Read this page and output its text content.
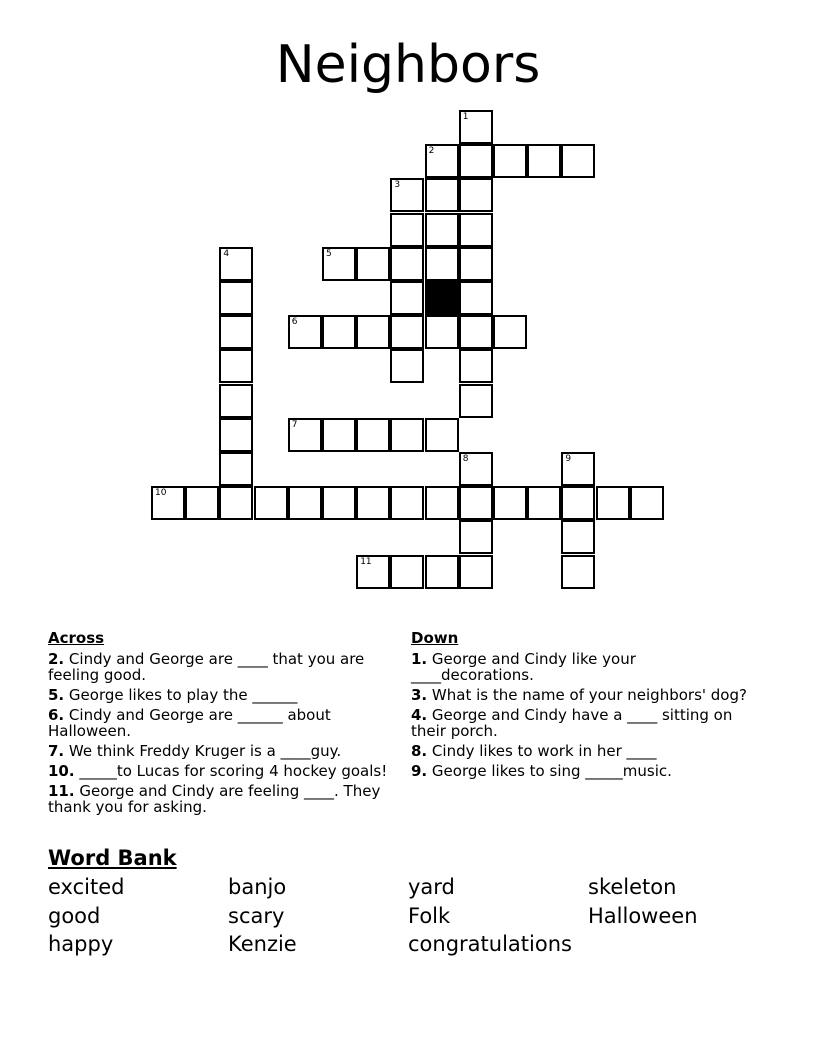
Neighbors
2
5
6
7
10
11
1
3
4
8	9
Across
2. Cindy and George are ____ that you are feeling good.
5. George likes to play the ______
6. Cindy and George are ______ about Halloween.
7. We think Freddy Kruger is a ____guy.
10. _____to Lucas for scoring 4 hockey goals!
11. George and Cindy are feeling ____. They thank you for asking.
Down
1. George and Cindy like your ____decorations.
3. What is the name of your neighbors' dog?
4. George and Cindy have a ____ sitting on their porch.
8. Cindy likes to work in her ____
9. George likes to sing _____music.
Word Bank
excited	banjo	yard	skeleton
good	scary	Folk	Halloween
happy	Kenzie	congratulations
